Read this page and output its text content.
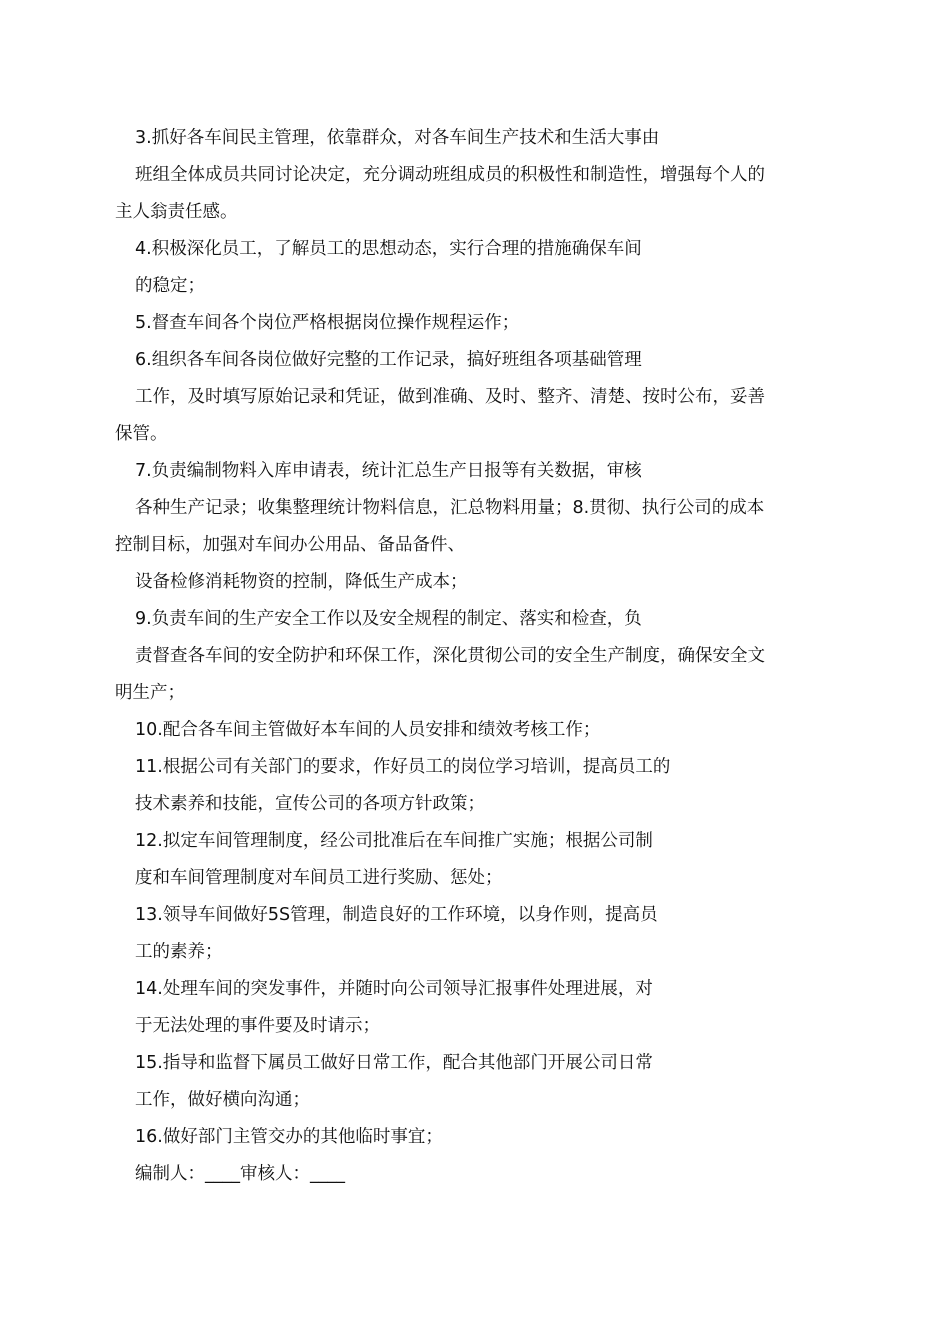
3.抓好各车间民主管理，依靠群众，对各车间生产技术和生活大事由
班组全体成员共同讨论决定，充分调动班组成员的积极性和制造性，增强每个人的
主人翁责任感。
4.积极深化员工，了解员工的思想动态，实行合理的措施确保车间
的稳定；
5.督查车间各个岗位严格根据岗位操作规程运作；
6.组织各车间各岗位做好完整的工作记录，搞好班组各项基础管理
工作，及时填写原始记录和凭证，做到准确、及时、整齐、清楚、按时公布，妥善
保管。
7.负责编制物料入库申请表，统计汇总生产日报等有关数据，审核
各种生产记录；收集整理统计物料信息，汇总物料用量；8.贯彻、执行公司的成本
控制目标，加强对车间办公用品、备品备件、
设备检修消耗物资的控制，降低生产成本；
9.负责车间的生产安全工作以及安全规程的制定、落实和检查，负
责督查各车间的安全防护和环保工作，深化贯彻公司的安全生产制度，确保安全文
明生产；
10.配合各车间主管做好本车间的人员安排和绩效考核工作；
11.根据公司有关部门的要求，作好员工的岗位学习培训，提高员工的
技术素养和技能，宣传公司的各项方针政策；
12.拟定车间管理制度，经公司批准后在车间推广实施；根据公司制
度和车间管理制度对车间员工进行奖励、惩处；
13.领导车间做好5S管理，制造良好的工作环境，以身作则，提高员
工的素养；
14.处理车间的突发事件，并随时向公司领导汇报事件处理进展，对
于无法处理的事件要及时请示；
15.指导和监督下属员工做好日常工作，配合其他部门开展公司日常
工作，做好横向沟通；
16.做好部门主管交办的其他临时事宜；
编制人：____审核人：____
